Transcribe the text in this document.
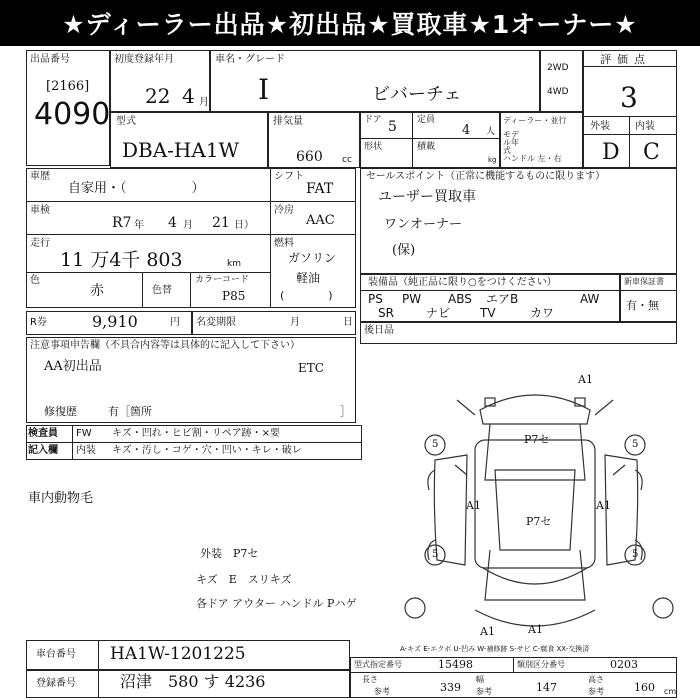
★ディーラー出品★初出品★買取車★1オーナー★
出品番号
[2166]
4090
初度登録年月
22 4 月
車名・グレード
I	ビバーチェ
2WD
4WD
評価点
3
外装	内装
D C
型式
DBA-HA1W
排気量
660 cc
ドア 5 定員
4 人
形状	積載
kg
ディーラー・並行
モデル年式
ハンドル 左・右
車歴
自家用・（　　　　　）
シフト
FAT
車検
R7 年 4 月 21 日）
冷房
AAC
走行
11 万4千 803	km
燃料
ガソリン
軽油
(　　　　)
色
赤	色替
カラーコード
P85
R券	9,910	円 名変期限	月	日
注意事項申告欄（不具合内容等は具体的に記入して下さい）
AA初出品	ETC
修復歴	有［箇所	］
検査員
記入欄
FW キズ・凹れ・ヒビ割・リペア跡・×要
内装 キズ・汚し・コゲ・穴・凹い・キレ・破レ
車内動物毛
外装　P7セ
キズ　E　スリキズ
各ドア アウター ハンドル Pハゲ
セールスポイント（正常に機能するものに限ります）
ユーザー買取車
ワンオーナー
(保)
装備品（純正品に限り○をつけください）
PS PW ABS エアB	AW
SR	ナビ TV	カワ
新車保証書
有・無
後日品
A1
P7セ
P7セ
A1	A1
A1	A1
5	5
5	5
A-キズ E-エクボ U-凹み W-補修跡 S-サビ C-腐食 XX-交換済
車台番号 HA1W-1201225
登録番号	沼津　580 す 4236
型式指定番号	15498	類別区分番号	0203
長さ
参考	339
幅
参考	147
高さ
参考	160 cm
